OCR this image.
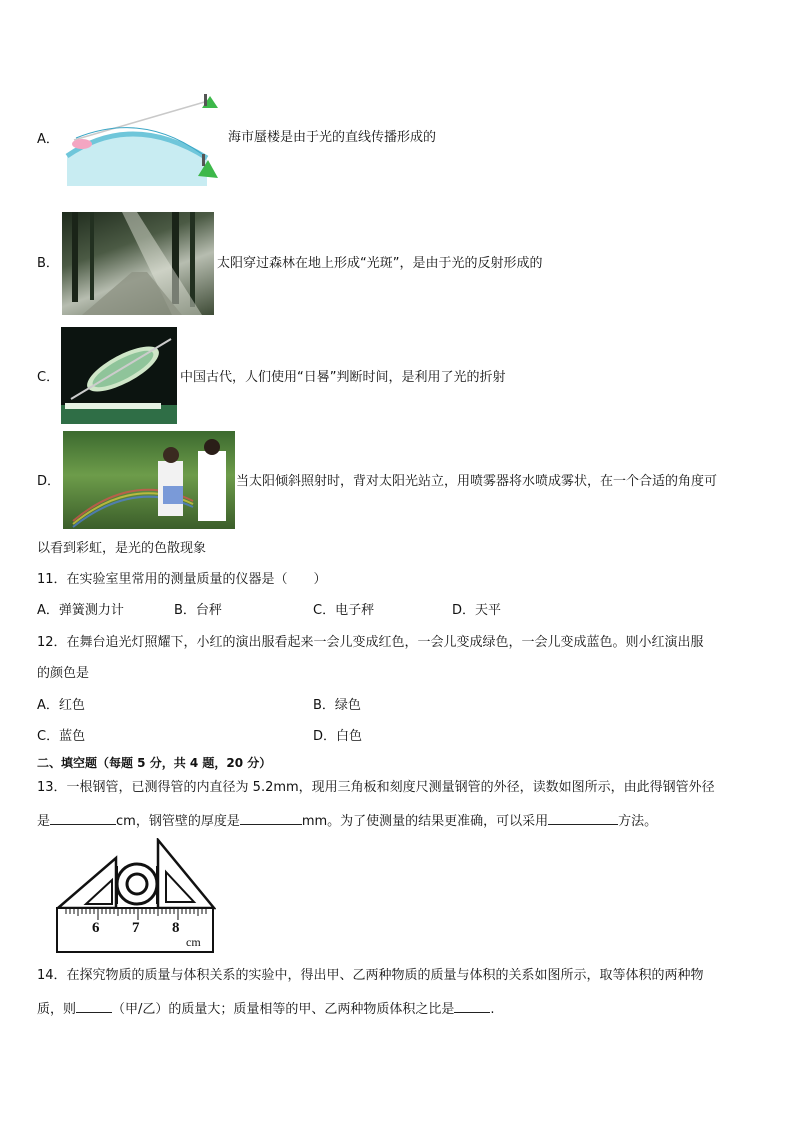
A．	海市蜃楼是由于光的直线传播形成的
B．	太阳穿过森林在地上形成“光斑”，是由于光的反射形成的
C．	中国古代，人们使用“日晷”判断时间，是利用了光的折射
D．	当太阳倾斜照射时，背对太阳光站立，用喷雾器将水喷成雾状，在一个合适的角度可
以看到彩虹，是光的色散现象
11．在实验室里常用的测量质量的仪器是（　　）
A．弹簧测力计	B．台秤	C．电子秤	D．天平
12．在舞台追光灯照耀下，小红的演出服看起来一会儿变成红色，一会儿变成绿色，一会儿变成蓝色。则小红演出服
的颜色是
A．红色	B．绿色
C．蓝色	D．白色
二、填空题（每题 5 分，共 4 题，20 分）
13．一根钢管，已测得管的内直径为 5.2mm，现用三角板和刻度尺测量钢管的外径，读数如图所示，由此得钢管外径
是	cm，钢管壁的厚度是	mm。为了使测量的结果更准确，可以采用	方法。
6 7 8
cm
14．在探究物质的质量与体积关系的实验中，得出甲、乙两种物质的质量与体积的关系如图所示，取等体积的两种物
质，则	（甲/乙）的质量大；质量相等的甲、乙两种物质体积之比是	.
